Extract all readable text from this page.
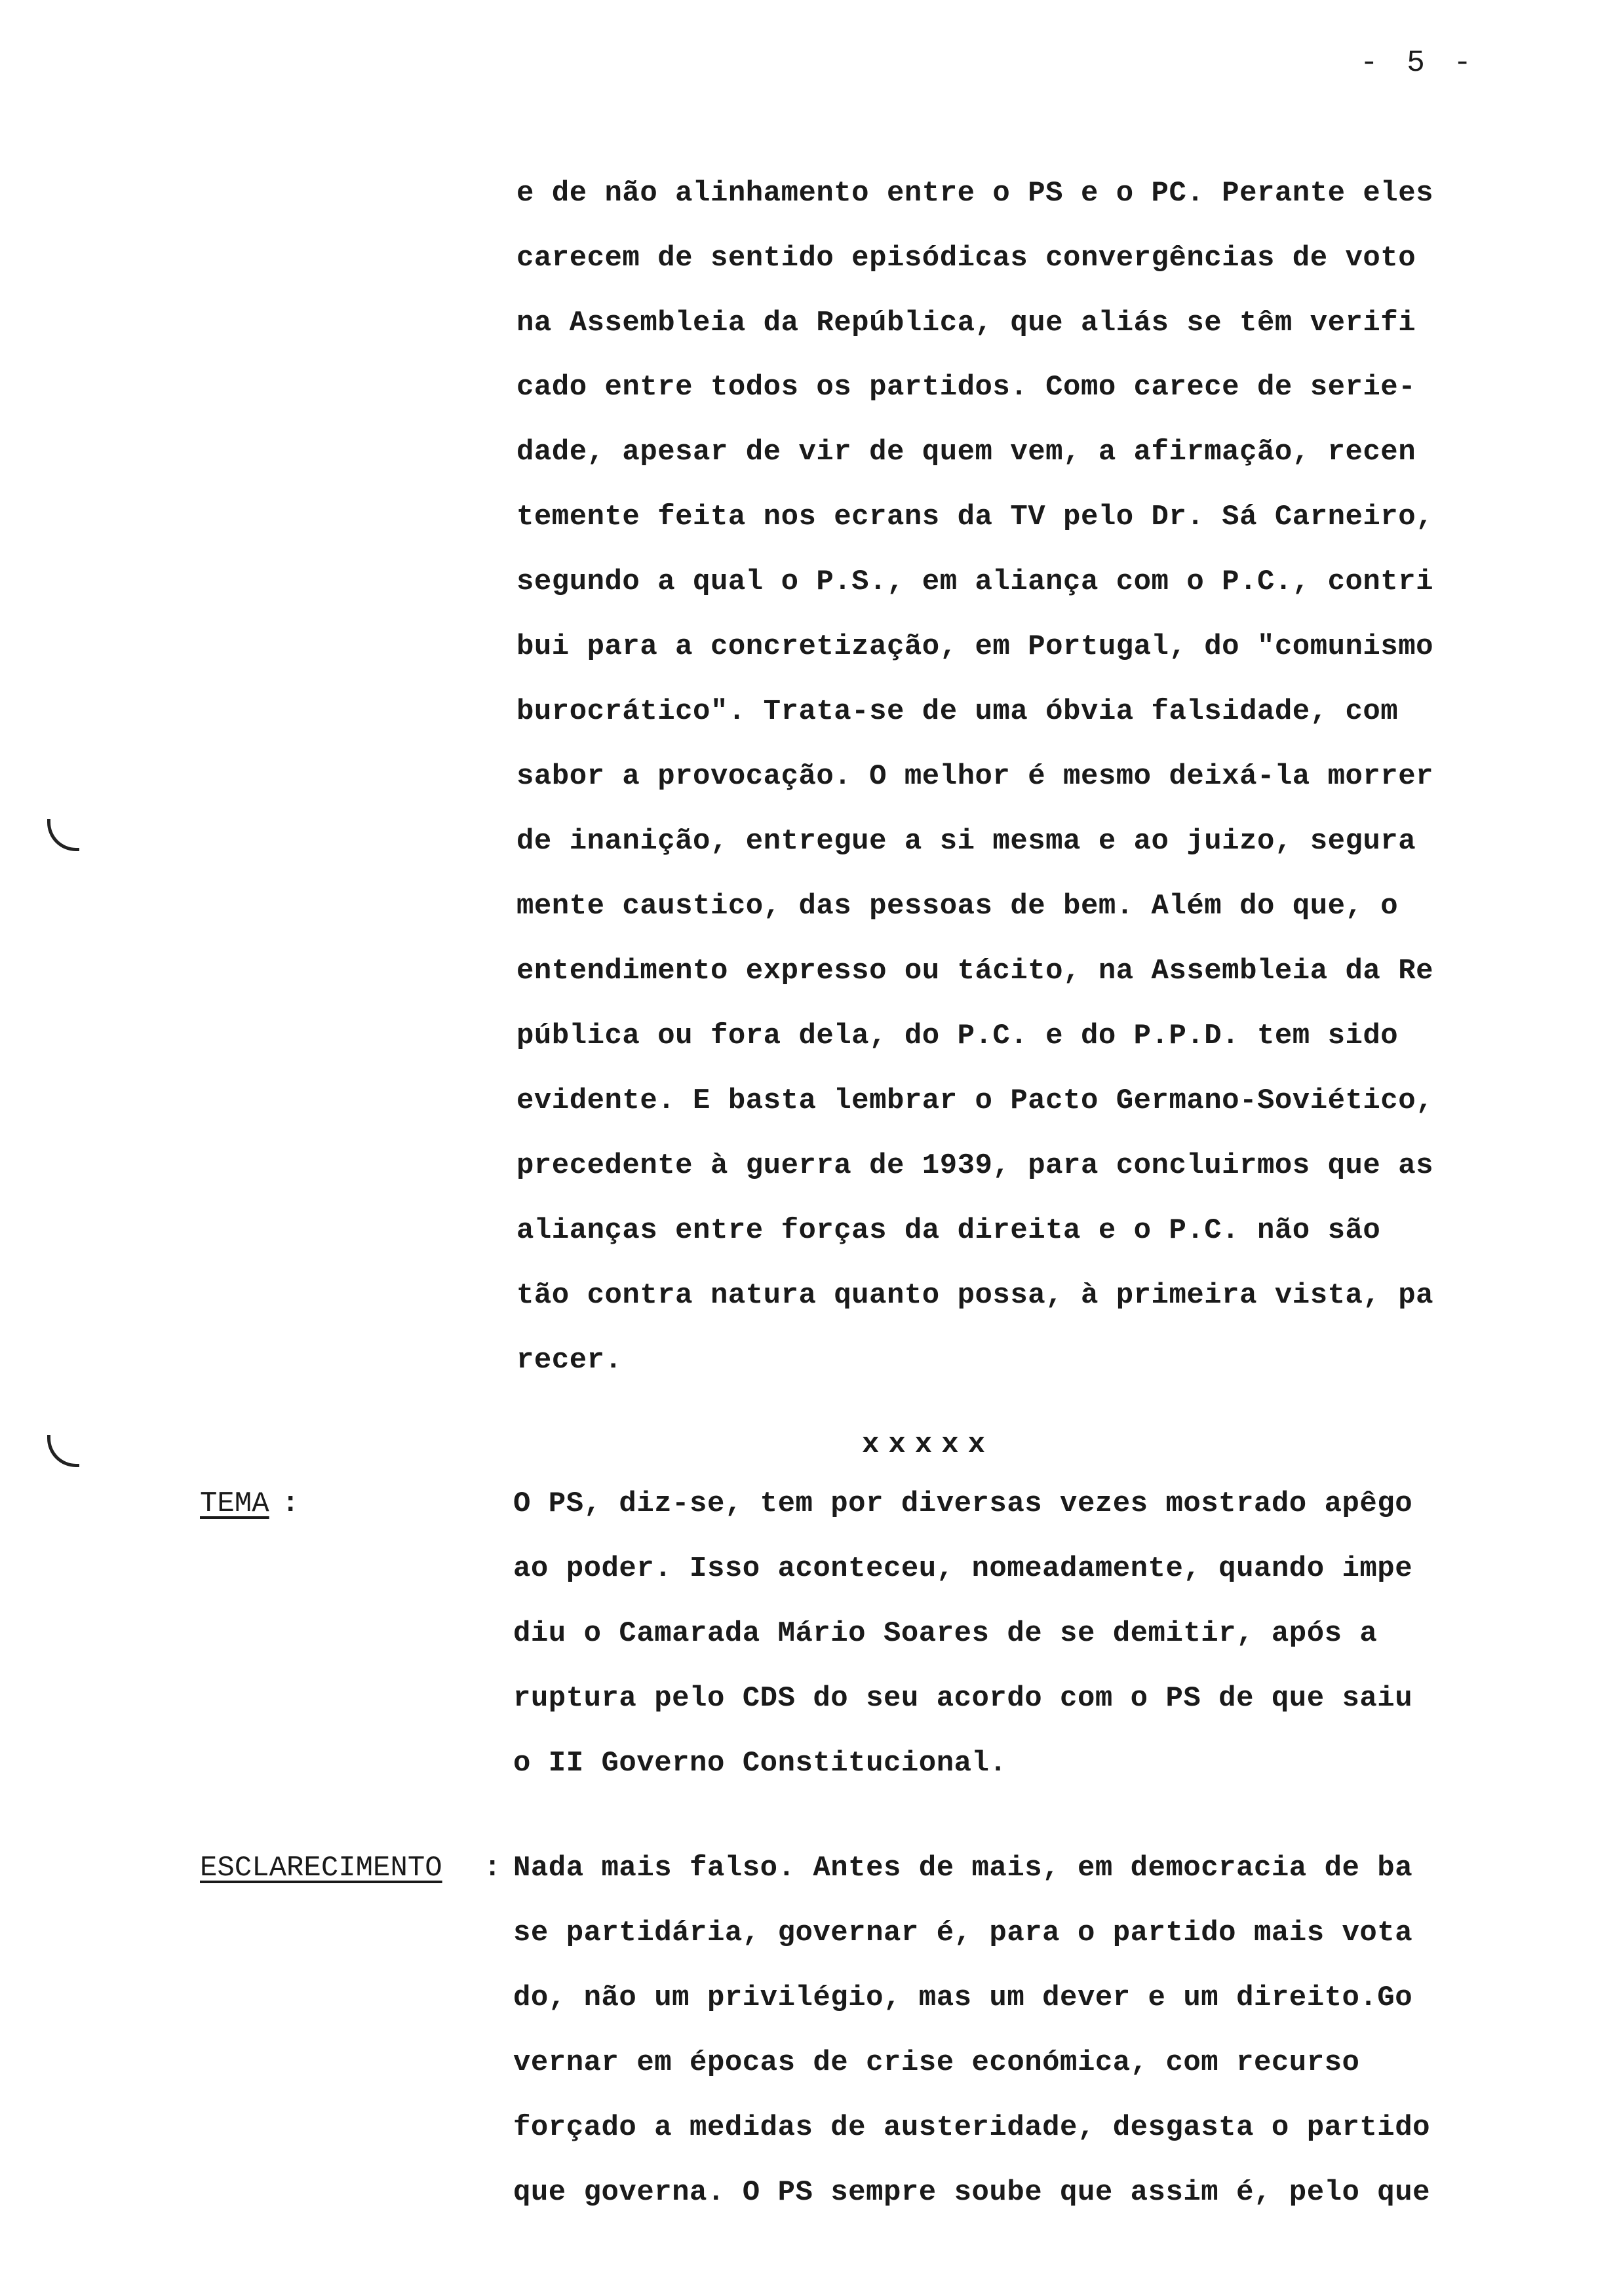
- 5 -
e de não alinhamento entre o PS e o PC. Perante eles
carecem de sentido episódicas convergências de voto
na Assembleia da República, que aliás se têm verifi
cado entre todos os partidos. Como carece de serie-
dade, apesar de vir de quem vem, a afirmação, recen
temente feita nos ecrans da TV pelo Dr. Sá Carneiro,
segundo a qual o P.S., em aliança com o P.C., contri
bui para a concretização, em Portugal, do "comunismo
burocrático". Trata-se de uma óbvia falsidade, com
sabor a provocação. O melhor é mesmo deixá-la morrer
de inanição, entregue a si mesma e ao juizo, segura
mente caustico, das pessoas de bem. Além do que, o
entendimento expresso ou tácito, na Assembleia da Re
pública ou fora dela, do P.C. e do P.P.D. tem sido
evidente. E basta lembrar o Pacto Germano-Soviético,
precedente à guerra de 1939, para concluirmos que as
alianças entre forças da direita e o P.C. não são
tão contra natura quanto possa, à primeira vista, pa
recer.
xxxxx
TEMA :	O PS, diz-se, tem por diversas vezes mostrado apêgo
ao poder. Isso aconteceu, nomeadamente, quando impe
diu o Camarada Mário Soares de se demitir, após a
ruptura pelo CDS do seu acordo com o PS de que saiu
o II Governo Constitucional.
ESCLARECIMENTO : Nada mais falso. Antes de mais, em democracia de ba
se partidária, governar é, para o partido mais vota
do, não um privilégio, mas um dever e um direito.Go
vernar em épocas de crise económica, com recurso
forçado a medidas de austeridade, desgasta o partido
que governa. O PS sempre soube que assim é, pelo que
